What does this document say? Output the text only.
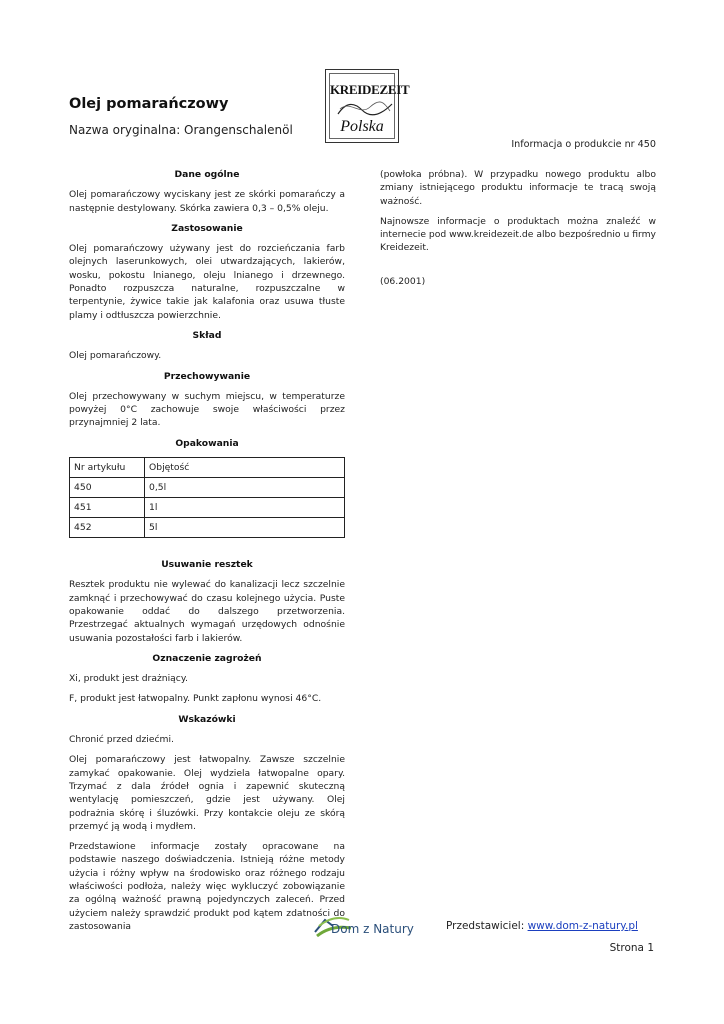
KREIDEZEIT
Polska
Olej pomarańczowy
Nazwa oryginalna: Orangenschalenöl
Informacja o produkcie nr 450
Dane ogólne

Olej pomarańczowy wyciskany jest ze skórki pomarańczy a następnie destylowany. Skórka zawiera 0,3 – 0,5% oleju.

Zastosowanie

Olej pomarańczowy używany jest do rozcieńczania farb olejnych laserunkowych, olei utwardzających, lakierów, wosku, pokostu lnianego, oleju lnianego i drzewnego. Ponadto rozpuszcza naturalne, rozpuszczalne w terpentynie, żywice takie jak kalafonia oraz usuwa tłuste plamy i odtłuszcza powierzchnie.

Skład

Olej pomarańczowy.

Przechowywanie

Olej przechowywany w suchym miejscu, w temperaturze powyżej 0°C zachowuje swoje właściwości przez przynajmniej 2 lata.

Opakowania
Nr artykułu	Objętość
450	0,5l
451	1l
452	5l
Usuwanie resztek

Resztek produktu nie wylewać do kanalizacji lecz szczelnie zamknąć i przechowywać do czasu kolejnego użycia. Puste opakowanie oddać do dalszego przetworzenia. Przestrzegać aktualnych wymagań urzędowych odnośnie usuwania pozostałości farb i lakierów.

Oznaczenie zagrożeń

Xi, produkt jest drażniący.

F, produkt jest łatwopalny. Punkt zapłonu wynosi 46°C.

Wskazówki

Chronić przed dziećmi.

Olej pomarańczowy jest łatwopalny. Zawsze szczelnie zamykać opakowanie. Olej wydziela łatwopalne opary. Trzymać z dala źródeł ognia i zapewnić skuteczną wentylację pomieszczeń, gdzie jest używany. Olej podrażnia skórę i śluzówki. Przy kontakcie oleju ze skórą przemyć ją wodą i mydłem.

Przedstawione informacje zostały opracowane na podstawie naszego doświadczenia. Istnieją różne metody użycia i różny wpływ na środowisko oraz różnego rodzaju właściwości podłoża, należy więc wykluczyć zobowiązanie za ogólną ważność prawną pojedynczych zaleceń. Przed użyciem należy sprawdzić produkt pod kątem zdatności do zastosowania

(powłoka próbna). W przypadku nowego produktu albo zmiany istniejącego produktu informacje te tracą swoją ważność.

Najnowsze informacje o produktach można znaleźć w internecie pod www.kreidezeit.de albo bezpośrednio u firmy Kreidezeit.

(06.2001)

Dom z Natury	Przedstawiciel: www.dom-z-natury.pl
Strona 1
